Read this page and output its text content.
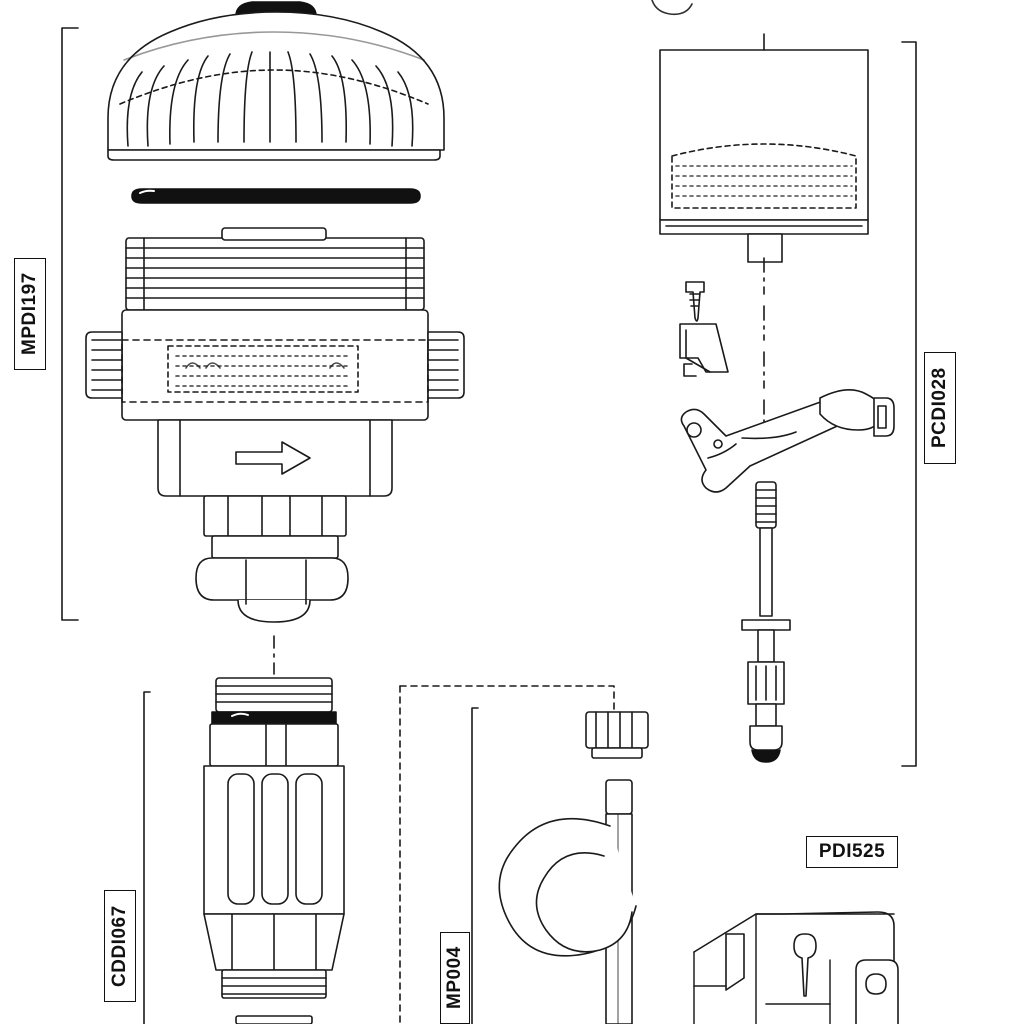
MPDI197
CDDI067	MP004
PCDI028
PDI525
